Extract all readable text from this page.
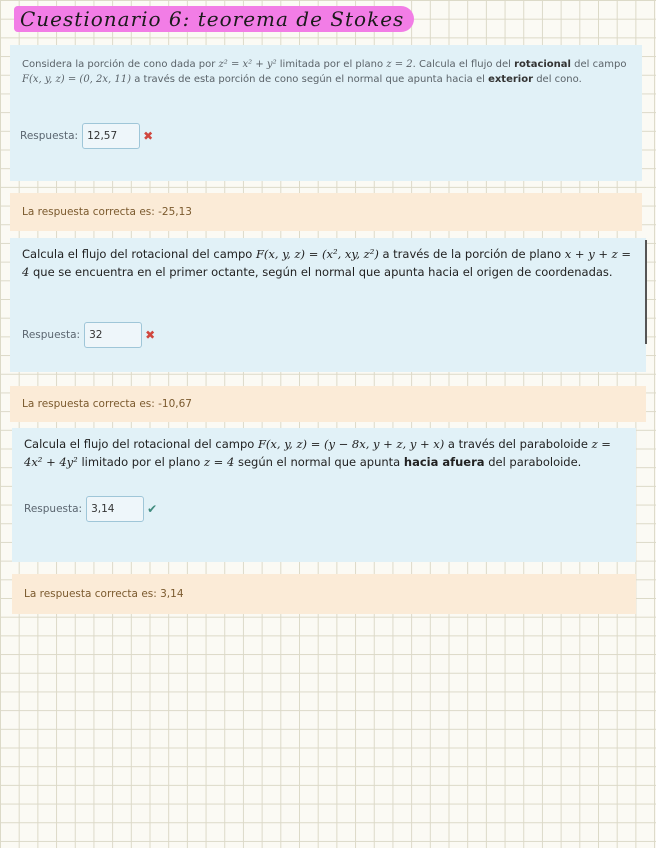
Cuestionario 6: teorema de Stokes
Considera la porción de cono dada por z² = x² + y² limitada por el plano z = 2. Calcula el flujo del rotacional del campo F(x, y, z) = (0, 2x, 11) a través de esta porción de cono según el normal que apunta hacia el exterior del cono.
Respuesta: 12,57	✖
La respuesta correcta es: -25,13
Calcula el flujo del rotacional del campo F(x, y, z) = (x², xy, z²) a través de la porción de plano x + y + z = 4 que se encuentra en el primer octante, según el normal que apunta hacia el origen de coordenadas.
Respuesta: 32	✖
La respuesta correcta es: -10,67
Calcula el flujo del rotacional del campo F(x, y, z) = (y − 8x, y + z, y + x) a través del paraboloide z = 4x² + 4y² limitado por el plano z = 4 según el normal que apunta hacia afuera del paraboloide.
Respuesta: 3,14	✔
La respuesta correcta es: 3,14
